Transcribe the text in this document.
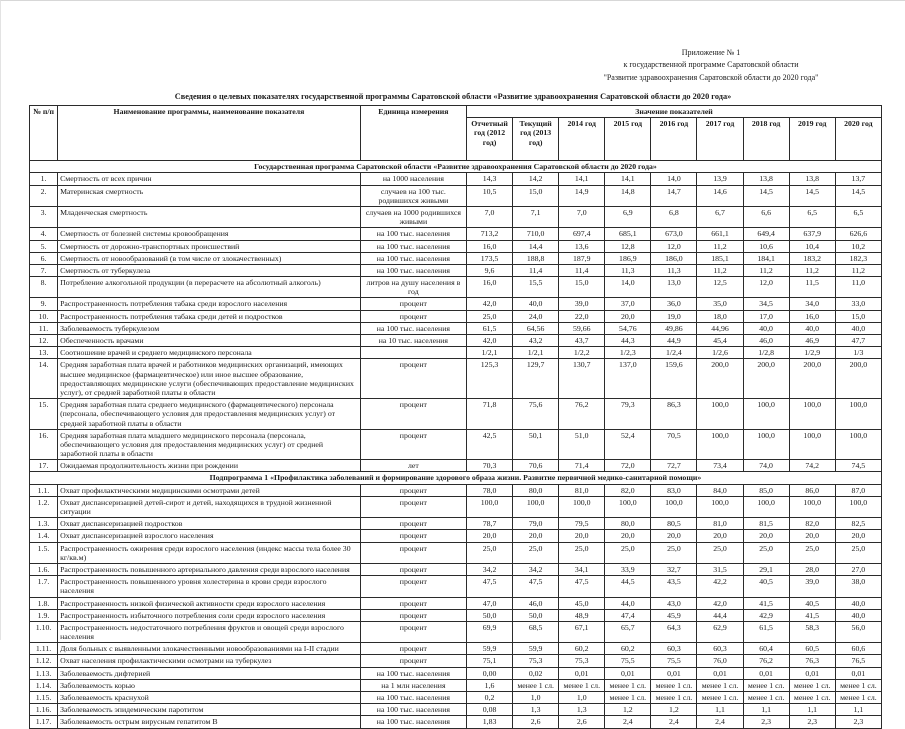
Приложение № 1
к государственной программе Саратовской области
"Развитие здравоохранения Саратовской области до 2020 года"
Сведения о целевых показателях государственной программы Саратовской области «Развитие здравоохранения Саратовской области до 2020 года»
№ п/п	Наименование программы, наименование показателя	Единица измерения	Значение показателей								
			Отчетный год (2012 год)	Текущий год (2013 год)	2014 год	2015 год	2016 год	2017 год	2018 год	2019 год	2020 год
Государственная программа Саратовской области «Развитие здравоохранения Саратовской области до 2020 года»											
1.	Смертность от всех причин	на 1000 населения	14,3	14,2	14,1	14,1	14,0	13,9	13,8	13,8	13,7
2.	Материнская смертность	случаев на 100 тыс. родившихся живыми	10,5	15,0	14,9	14,8	14,7	14,6	14,5	14,5	14,5
3.	Младенческая смертность	случаев на 1000 родившихся живыми	7,0	7,1	7,0	6,9	6,8	6,7	6,6	6,5	6,5
4.	Смертность от болезней системы кровообращения	на 100 тыс. населения	713,2	710,0	697,4	685,1	673,0	661,1	649,4	637,9	626,6
5.	Смертность от дорожно-транспортных происшествий	на 100 тыс. населения	16,0	14,4	13,6	12,8	12,0	11,2	10,6	10,4	10,2
6.	Смертность от новообразований (в том числе от злокачественных)	на 100 тыс. населения	173,5	188,8	187,9	186,9	186,0	185,1	184,1	183,2	182,3
7.	Смертность от туберкулеза	на 100 тыс. населения	9,6	11,4	11,4	11,3	11,3	11,2	11,2	11,2	11,2
8.	Потребление алкогольной продукции (в перерасчете на абсолютный алкоголь)	литров на душу населения в год	16,0	15,5	15,0	14,0	13,0	12,5	12,0	11,5	11,0
9.	Распространенность потребления табака среди взрослого населения	процент	42,0	40,0	39,0	37,0	36,0	35,0	34,5	34,0	33,0
10.	Распространенность потребления табака среди детей и подростков	процент	25,0	24,0	22,0	20,0	19,0	18,0	17,0	16,0	15,0
11.	Заболеваемость туберкулезом	на 100 тыс. населения	61,5	64,56	59,66	54,76	49,86	44,96	40,0	40,0	40,0
12.	Обеспеченность врачами	на 10 тыс. населения	42,0	43,2	43,7	44,3	44,9	45,4	46,0	46,9	47,7
13.	Соотношение врачей и среднего медицинского персонала		1/2,1	1/2,1	1/2,2	1/2,3	1/2,4	1/2,6	1/2,8	1/2,9	1/3
14.	Средняя заработная плата врачей и работников медицинских организаций, имеющих высшее медицинское (фармацевтическое) или иное высшее образование, предоставляющих медицинские услуги (обеспечивающих предоставление медицинских услуг), от средней заработной платы в области	процент	125,3	129,7	130,7	137,0	159,6	200,0	200,0	200,0	200,0
15.	Средняя заработная плата среднего медицинского (фармацевтического) персонала (персонала, обеспечивающего условия для предоставления медицинских услуг) от средней заработной платы в области	процент	71,8	75,6	76,2	79,3	86,3	100,0	100,0	100,0	100,0
16.	Средняя заработная плата младшего медицинского персонала (персонала, обеспечивающего условия для предоставления медицинских услуг) от средней заработной платы в области	процент	42,5	50,1	51,0	52,4	70,5	100,0	100,0	100,0	100,0
17.	Ожидаемая продолжительность жизни при рождении	лет	70,3	70,6	71,4	72,0	72,7	73,4	74,0	74,2	74,5
Подпрограмма 1 «Профилактика заболеваний и формирование здорового образа жизни. Развитие первичной медико-санитарной помощи»											
1.1.	Охват профилактическими медицинскими осмотрами детей	процент	78,0	80,0	81,0	82,0	83,0	84,0	85,0	86,0	87,0
1.2.	Охват диспансеризацией детей-сирот и детей, находящихся в трудной жизненной ситуации	процент	100,0	100,0	100,0	100,0	100,0	100,0	100,0	100,0	100,0
1.3.	Охват диспансеризацией подростков	процент	78,7	79,0	79,5	80,0	80,5	81,0	81,5	82,0	82,5
1.4.	Охват диспансеризацией взрослого населения	процент	20,0	20,0	20,0	20,0	20,0	20,0	20,0	20,0	20,0
1.5.	Распространенность ожирения среди взрослого населения (индекс массы тела более 30 кг/кв.м)	процент	25,0	25,0	25,0	25,0	25,0	25,0	25,0	25,0	25,0
1.6.	Распространенность повышенного артериального давления среди взрослого населения	процент	34,2	34,2	34,1	33,9	32,7	31,5	29,1	28,0	27,0
1.7.	Распространенность повышенного уровня холестерина в крови среди взрослого населения	процент	47,5	47,5	47,5	44,5	43,5	42,2	40,5	39,0	38,0
1.8.	Распространенность низкой физической активности среди взрослого населения	процент	47,0	46,0	45,0	44,0	43,0	42,0	41,5	40,5	40,0
1.9.	Распространенность избыточного потребления соли среди взрослого населения	процент	50,0	50,0	48,9	47,4	45,9	44,4	42,9	41,5	40,0
1.10.	Распространенность недостаточного потребления фруктов и овощей среди взрослого населения	процент	69,9	68,5	67,1	65,7	64,3	62,9	61,5	58,3	56,0
1.11.	Доля больных с выявленными злокачественными новообразованиями на I-II стадии	процент	59,9	59,9	60,2	60,2	60,3	60,3	60,4	60,5	60,6
1.12.	Охват населения профилактическими осмотрами на туберкулез	процент	75,1	75,3	75,3	75,5	75,5	76,0	76,2	76,3	76,5
1.13.	Заболеваемость дифтерией	на 100 тыс. населения	0,00	0,02	0,01	0,01	0,01	0,01	0,01	0,01	0,01
1.14.	Заболеваемость корью	на 1 млн населения	1,6	менее 1 сл.	менее 1 сл.	менее 1 сл.	менее 1 сл.	менее 1 сл.	менее 1 сл.	менее 1 сл.	менее 1 сл.
1.15.	Заболеваемость краснухой	на 100 тыс. населения	0,2	1,0	1,0	менее 1 сл.	менее 1 сл.	менее 1 сл.	менее 1 сл.	менее 1 сл.	менее 1 сл.
1.16.	Заболеваемость эпидемическим паротитом	на 100 тыс. населения	0,08	1,3	1,3	1,2	1,2	1,1	1,1	1,1	1,1
1.17.	Заболеваемость острым вирусным гепатитом В	на 100 тыс. населения	1,83	2,6	2,6	2,4	2,4	2,4	2,3	2,3	2,3
